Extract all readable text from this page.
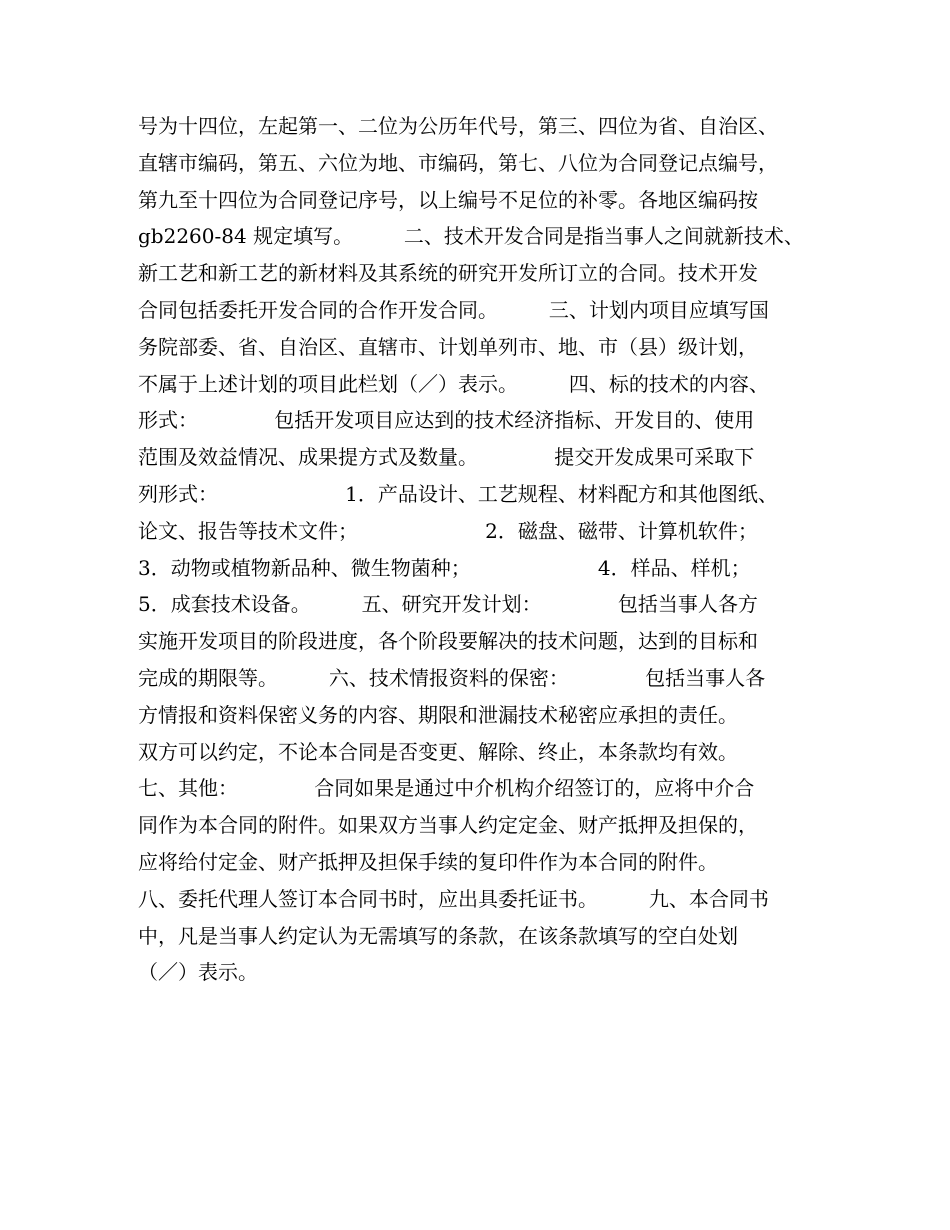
号为十四位，左起第一、二位为公历年代号，第三、四位为省、自治区、
直辖市编码，第五、六位为地、市编码，第七、八位为合同登记点编号，
第九至十四位为合同登记序号，以上编号不足位的补零。各地区编码按
gb2260-84 规定填写。        二、技术开发合同是指当事人之间就新技术、
新工艺和新工艺的新材料及其系统的研究开发所订立的合同。技术开发
合同包括委托开发合同的合作开发合同。        三、计划内项目应填写国
务院部委、省、自治区、直辖市、计划单列市、地、市（县）级计划，
不属于上述计划的项目此栏划（／）表示。        四、标的技术的内容、
形式：            包括开发项目应达到的技术经济指标、开发目的、使用
范围及效益情况、成果提方式及数量。            提交开发成果可采取下
列形式：                    1．产品设计、工艺规程、材料配方和其他图纸、
论文、报告等技术文件；                    2．磁盘、磁带、计算机软件；
3．动物或植物新品种、微生物菌种；                    4．样品、样机；
5．成套技术设备。        五、研究开发计划：            包括当事人各方
实施开发项目的阶段进度，各个阶段要解决的技术问题，达到的目标和
完成的期限等。        六、技术情报资料的保密：            包括当事人各
方情报和资料保密义务的内容、期限和泄漏技术秘密应承担的责任。
双方可以约定，不论本合同是否变更、解除、终止，本条款均有效。
七、其他：            合同如果是通过中介机构介绍签订的，应将中介合
同作为本合同的附件。如果双方当事人约定定金、财产抵押及担保的，
应将给付定金、财产抵押及担保手续的复印件作为本合同的附件。
八、委托代理人签订本合同书时，应出具委托证书。        九、本合同书
中，凡是当事人约定认为无需填写的条款，在该条款填写的空白处划
（／）表示。
